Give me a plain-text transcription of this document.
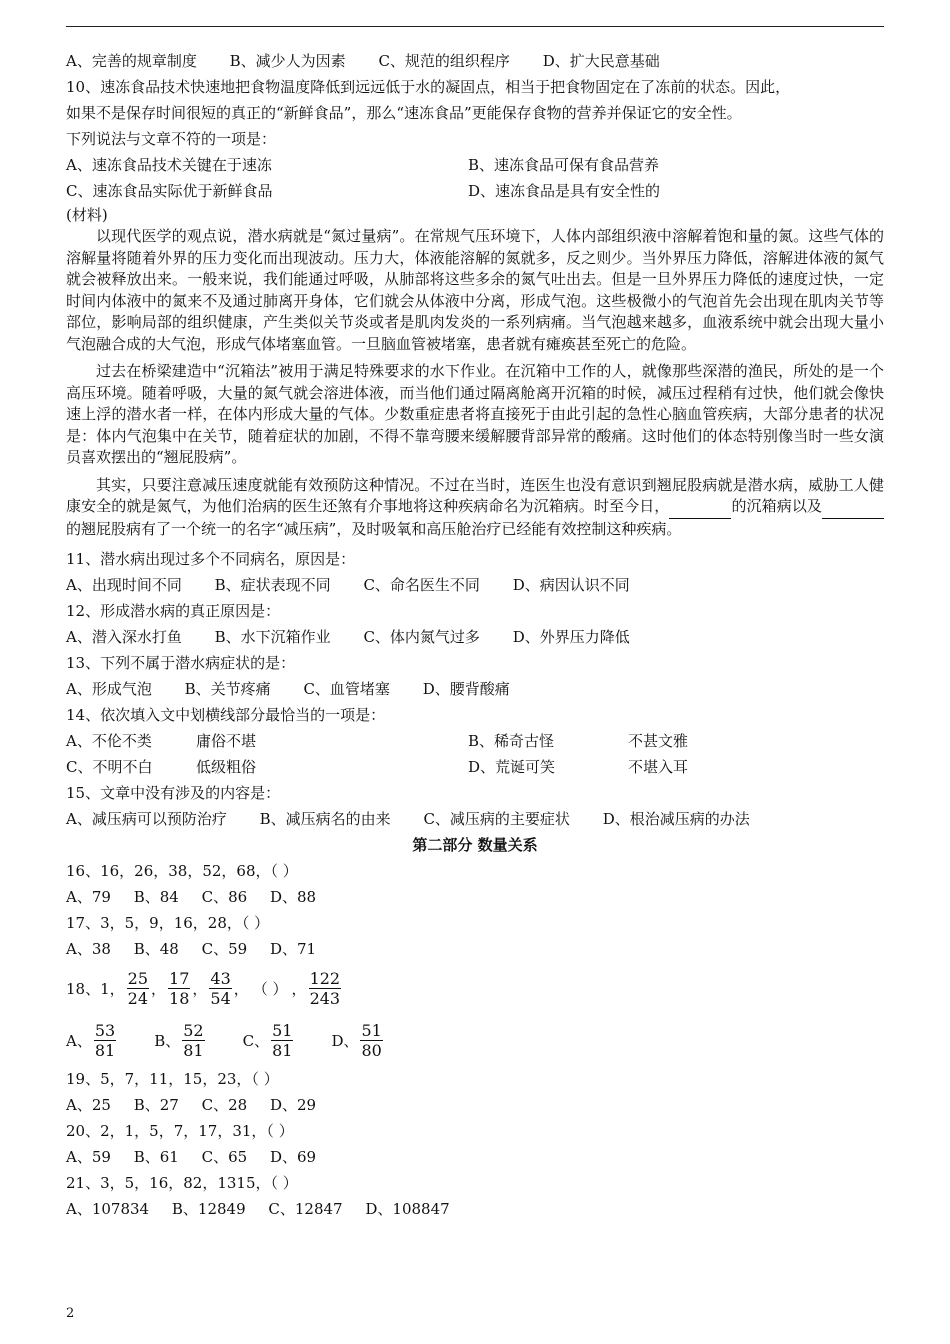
A、完善的规章制度 B、减少人为因素 C、规范的组织程序 D、扩大民意基础
10、速冻食品技术快速地把食物温度降低到远远低于水的凝固点，相当于把食物固定在了冻前的状态。因此，
如果不是保存时间很短的真正的“新鲜食品”，那么“速冻食品”更能保存食物的营养并保证它的安全性。
下列说法与文章不符的一项是：
A、速冻食品技术关键在于速冻	B、速冻食品可保有食品营养
C、速冻食品实际优于新鲜食品	D、速冻食品是具有安全性的
(材料)

以现代医学的观点说，潜水病就是“氮过量病”。在常规气压环境下，人体内部组织液中溶解着饱和量的氮。这些气体的溶解量将随着外界的压力变化而出现波动。压力大，体液能溶解的氮就多，反之则少。当外界压力降低，溶解进体液的氮气就会被释放出来。一般来说，我们能通过呼吸，从肺部将这些多余的氮气吐出去。但是一旦外界压力降低的速度过快，一定时间内体液中的氮来不及通过肺离开身体，它们就会从体液中分离，形成气泡。这些极微小的气泡首先会出现在肌肉关节等部位，影响局部的组织健康，产生类似关节炎或者是肌肉发炎的一系列病痛。当气泡越来越多，血液系统中就会出现大量小气泡融合成的大气泡，形成气体堵塞血管。一旦脑血管被堵塞，患者就有瘫痪甚至死亡的危险。

过去在桥梁建造中“沉箱法”被用于满足特殊要求的水下作业。在沉箱中工作的人，就像那些深潜的渔民，所处的是一个高压环境。随着呼吸，大量的氮气就会溶进体液，而当他们通过隔离舱离开沉箱的时候，减压过程稍有过快，他们就会像快速上浮的潜水者一样，在体内形成大量的气体。少数重症患者将直接死于由此引起的急性心脑血管疾病，大部分患者的状况是：体内气泡集中在关节，随着症状的加剧，不得不靠弯腰来缓解腰背部异常的酸痛。这时他们的体态特别像当时一些女演员喜欢摆出的“翘屁股病”。

其实，只要注意减压速度就能有效预防这种情况。不过在当时，连医生也没有意识到翘屁股病就是潜水病，威胁工人健康安全的就是氮气，为他们治病的医生还煞有介事地将这种疾病命名为沉箱病。时至今日，	的沉箱病以及的翘屁股病有了一个统一的名字“减压病”，及时吸氧和高压舱治疗已经能有效控制这种疾病。

11、潜水病出现过多个不同病名，原因是：
A、出现时间不同 B、症状表现不同 C、命名医生不同 D、病因认识不同
12、形成潜水病的真正原因是：
A、潜入深水打鱼 B、水下沉箱作业 C、体内氮气过多 D、外界压力降低
13、下列不属于潜水病症状的是：
A、形成气泡 B、关节疼痛 C、血管堵塞 D、腰背酸痛
14、依次填入文中划横线部分最恰当的一项是：
A、不伦不类	庸俗不堪	B、稀奇古怪	不甚文雅
C、不明不白	低级粗俗	D、荒诞可笑	不堪入耳
15、文章中没有涉及的内容是：
A、减压病可以预防治疗 B、减压病名的由来 C、减压病的主要症状 D、根治减压病的办法
第二部分 数量关系
16、16，26，38，52，68，（ ）
A、79 B、84 C、86 D、88
17、3，5，9，16，28，（ ）
A、38 B、48 C、59 D、71
18、1， $\frac{25}{24}$ ， $\frac{17}{18}$ ， $\frac{43}{54}$ ， （ ） ， $\frac{122}{243}$
A、 $\frac{53}{81}$	B、 $\frac{52}{81}$	C、 $\frac{51}{81}$	D、 $\frac{51}{80}$
19、5，7，11，15，23，（ ）
A、25 B、27 C、28 D、29
20、2，1，5，7，17，31，（ ）
A、59 B、61 C、65 D、69
21、3，5，16，82，1315，（ ）
A、107834 B、12849 C、12847 D、108847
2
